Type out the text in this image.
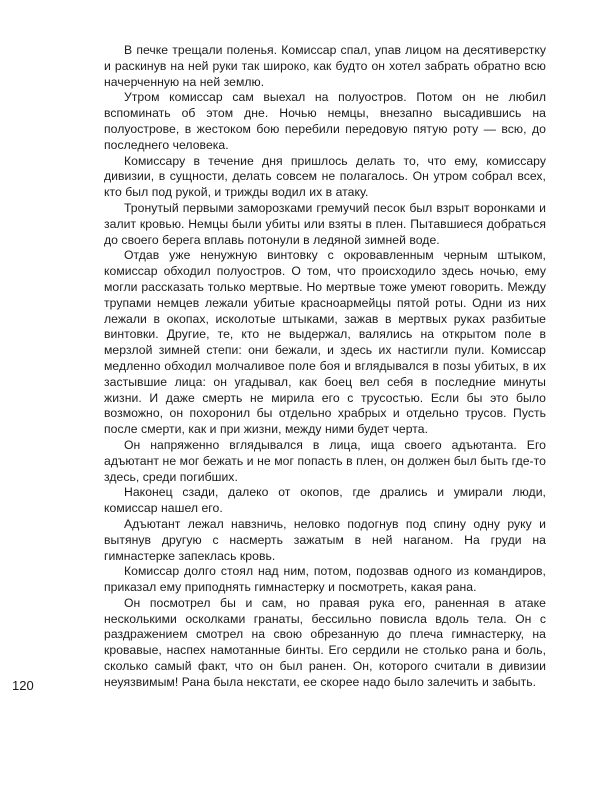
В печке трещали поленья. Комиссар спал, упав лицом на десятиверстку и раскинув на ней руки так широко, как будто он хотел забрать обратно всю начерченную на ней землю.

Утром комиссар сам выехал на полуостров. Потом он не любил вспоминать об этом дне. Ночью немцы, внезапно высадившись на полуострове, в жестоком бою перебили передовую пятую роту — всю, до последнего человека.

Комиссару в течение дня пришлось делать то, что ему, комиссару дивизии, в сущности, делать совсем не полагалось. Он утром собрал всех, кто был под рукой, и трижды водил их в атаку.

Тронутый первыми заморозками гремучий песок был взрыт воронками и залит кровью. Немцы были убиты или взяты в плен. Пытавшиеся добраться до своего берега вплавь потонули в ледяной зимней воде.

Отдав уже ненужную винтовку с окровавленным черным штыком, комиссар обходил полуостров. О том, что происходило здесь ночью, ему могли рассказать только мертвые. Но мертвые тоже умеют говорить. Между трупами немцев лежали убитые красноармейцы пятой роты. Одни из них лежали в окопах, исколотые штыками, зажав в мертвых руках разбитые винтовки. Другие, те, кто не выдержал, валялись на открытом поле в мерзлой зимней степи: они бежали, и здесь их настигли пули. Комиссар медленно обходил молчаливое поле боя и вглядывался в позы убитых, в их застывшие лица: он угадывал, как боец вел себя в последние минуты жизни. И даже смерть не мирила его с трусостью. Если бы это было возможно, он похоронил бы отдельно храбрых и отдельно трусов. Пусть после смерти, как и при жизни, между ними будет черта.

Он напряженно вглядывался в лица, ища своего адъютанта. Его адъютант не мог бежать и не мог попасть в плен, он должен был быть где-то здесь, среди погибших.

Наконец сзади, далеко от окопов, где дрались и умирали люди, комиссар нашел его.

Адъютант лежал навзничь, неловко подогнув под спину одну руку и вытянув другую с насмерть зажатым в ней наганом. На груди на гимнастерке запеклась кровь.

Комиссар долго стоял над ним, потом, подозвав одного из командиров, приказал ему приподнять гимнастерку и посмотреть, какая рана.

Он посмотрел бы и сам, но правая рука его, раненная в атаке несколькими осколками гранаты, бессильно повисла вдоль тела. Он с раздражением смотрел на свою обрезанную до плеча гимнастерку, на кровавые, наспех намотанные бинты. Его сердили не столько рана и боль, сколько самый факт, что он был ранен. Он, которого считали в дивизии неуязвимым! Рана была некстати, ее скорее надо было залечить и забыть.

120
